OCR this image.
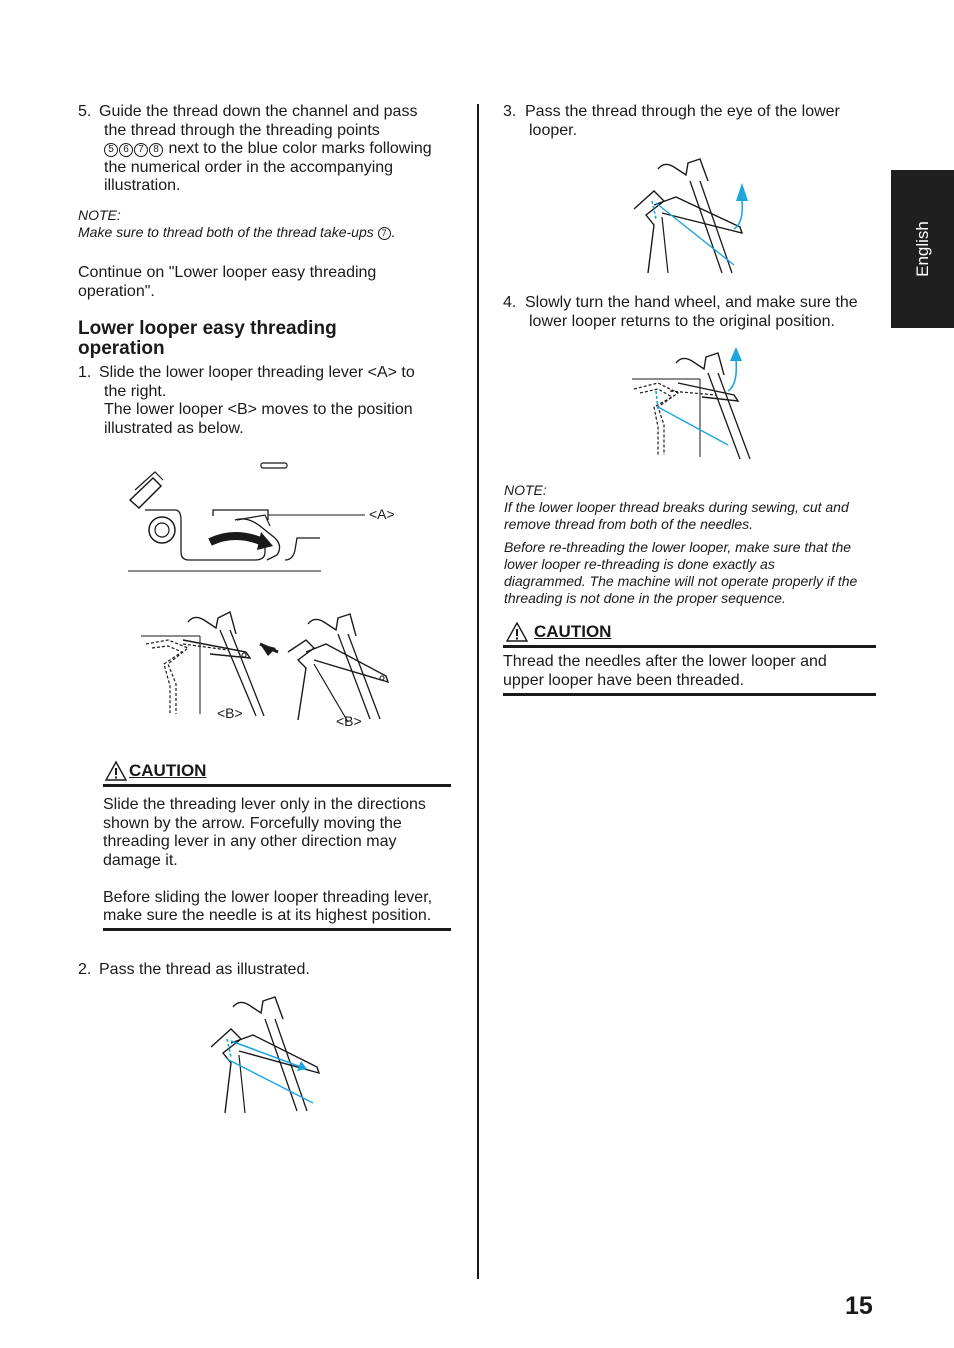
5. Guide the thread down the channel and pass
the thread through the threading points
5 6 7 8 next to the blue color marks following
the numerical order in the accompanying
illustration.
NOTE:
Make sure to thread both of the thread take-ups 7 .
Continue on "Lower looper easy threading
operation".
Lower looper easy threading
operation
1. Slide the lower looper threading lever <A> to
the right.
The lower looper <B> moves to the position
illustrated as below.
<A>
<B>	<B>
CAUTION
Slide the threading lever only in the directions
shown by the arrow. Forcefully moving the
threading lever in any other direction may
damage it.
Before sliding the lower looper threading lever,
make sure the needle is at its highest position.
2. Pass the thread as illustrated.
3. Pass the thread through the eye of the lower
looper.
4. Slowly turn the hand wheel, and make sure the
lower looper returns to the original position.
NOTE:
If the lower looper thread breaks during sewing, cut and
remove thread from both of the needles.
Before re-threading the lower looper, make sure that the
lower looper re-threading is done exactly as
diagrammed. The machine will not operate properly if the
threading is not done in the proper sequence.
CAUTION
Thread the needles after the lower looper and
upper looper have been threaded.
English
15
